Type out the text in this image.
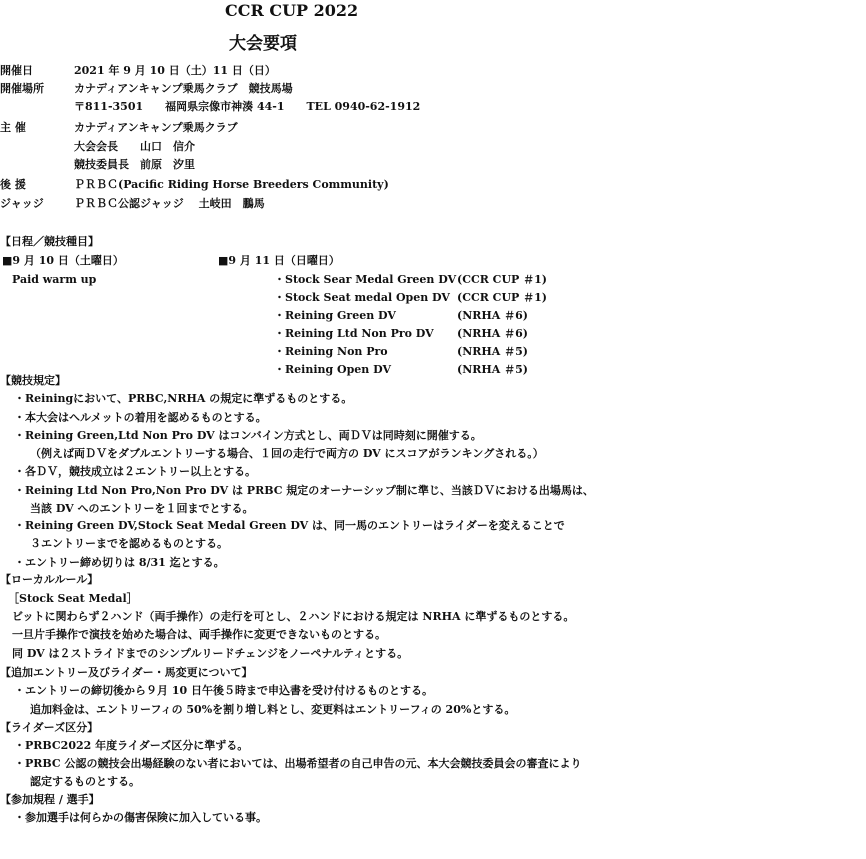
CCR CUP 2022
大会要項
開催日	2021 年 9 月 10 日（土）11 日（日）
開催場所	カナディアンキャンプ乗馬クラブ　競技馬場
〒811-3501　　福岡県宗像市神湊 44-1　　TEL 0940-62-1912
主 催	カナディアンキャンプ乗馬クラブ
大会会長　　山口　信介
競技委員長　前原　汐里
後 援	ＰＲＢＣ(Pacific Riding Horse Breeders Community)
ジャッジ	ＰＲＢＣ公認ジャッジ　 土岐田　鵬馬
【日程／競技種目】
■9 月 10 日（土曜日）
Paid warm up
■9 月 11 日（日曜日）
・Stock Sear Medal Green DV (CCR CUP ＃1)
・Stock Seat medal Open DV (CCR CUP ＃1)
・Reining Green DV	(NRHA ＃6)
・Reining Ltd Non Pro DV (NRHA ＃6)
・Reining Non Pro	(NRHA ＃5)
・Reining Open DV	(NRHA ＃5)
【競技規定】
・Reiningにおいて、PRBC,NRHA の規定に準ずるものとする。
・本大会はヘルメットの着用を認めるものとする。
・Reining Green,Ltd Non Pro DV はコンバイン方式とし、両ＤＶは同時刻に開催する。
（例えば両ＤＶをダブルエントリーする場合、１回の走行で両方の DV にスコアがランキングされる。）
・各ＤＶ，競技成立は２エントリー以上とする。
・Reining Ltd Non Pro,Non Pro DV は PRBC 規定のオーナーシップ制に準じ、当該ＤＶにおける出場馬は、
当該 DV へのエントリーを１回までとする。
・Reining Green DV,Stock Seat Medal Green DV は、同一馬のエントリーはライダーを変えることで
３エントリーまでを認めるものとする。
・エントリー締め切りは 8/31 迄とする。
【ローカルルール】
［Stock Seat Medal］
ビットに関わらず２ハンド（両手操作）の走行を可とし、２ハンドにおける規定は NRHA に準ずるものとする。
一旦片手操作で演技を始めた場合は、両手操作に変更できないものとする。
同 DV は２ストライドまでのシンプルリードチェンジをノーペナルティとする。
【追加エントリー及びライダー・馬変更について】
・エントリーの締切後から９月 10 日午後５時まで申込書を受け付けるものとする。
追加料金は、エントリーフィの 50%を割り増し料とし、変更料はエントリーフィの 20%とする。
【ライダーズ区分】
・PRBC2022 年度ライダーズ区分に準ずる。
・PRBC 公認の競技会出場経験のない者においては、出場希望者の自己申告の元、本大会競技委員会の審査により
認定するものとする。
【参加規程 / 選手】
・参加選手は何らかの傷害保険に加入している事。
